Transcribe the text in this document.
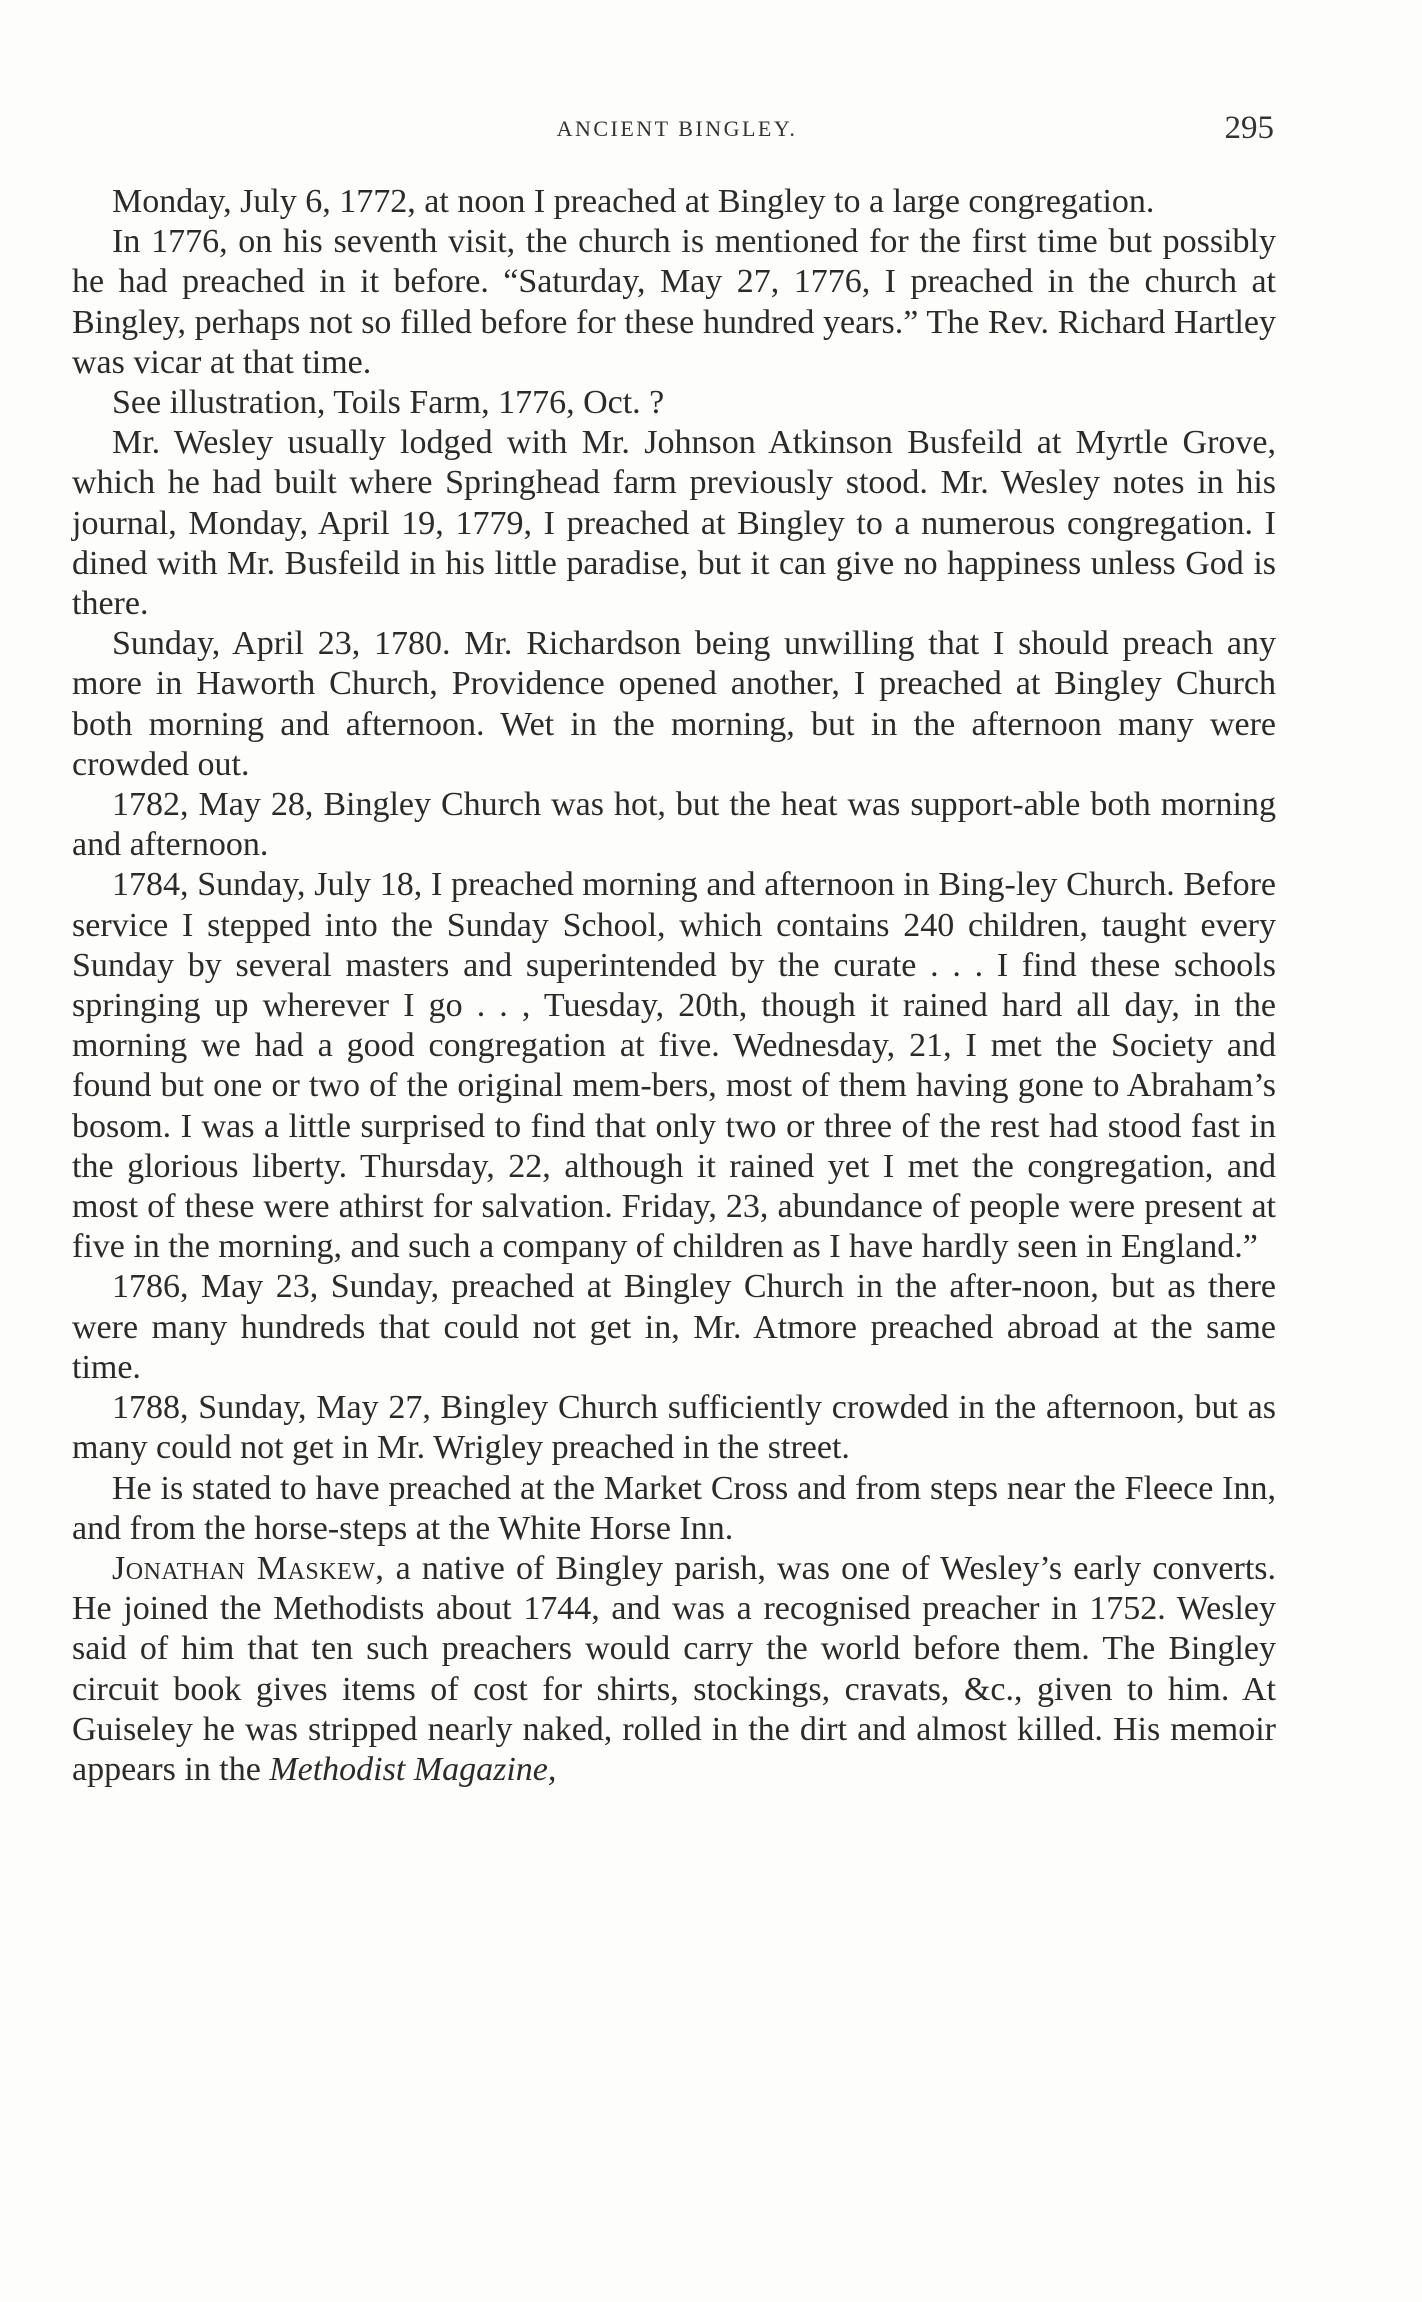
ANCIENT BINGLEY.	295

Monday, July 6, 1772, at noon I preached at Bingley to a large congregation.

In 1776, on his seventh visit, the church is mentioned for the first time but possibly he had preached in it before. “Saturday, May 27, 1776, I preached in the church at Bingley, perhaps not so filled before for these hundred years.” The Rev. Richard Hartley was vicar at that time.

See illustration, Toils Farm, 1776, Oct. ?

Mr. Wesley usually lodged with Mr. Johnson Atkinson Busfeild at Myrtle Grove, which he had built where Springhead farm previously stood. Mr. Wesley notes in his journal, Monday, April 19, 1779, I preached at Bingley to a numerous congregation. I dined with Mr. Busfeild in his little paradise, but it can give no happiness unless God is there.

Sunday, April 23, 1780. Mr. Richardson being unwilling that I should preach any more in Haworth Church, Providence opened another, I preached at Bingley Church both morning and afternoon. Wet in the morning, but in the afternoon many were crowded out.

1782, May 28, Bingley Church was hot, but the heat was support-able both morning and afternoon.

1784, Sunday, July 18, I preached morning and afternoon in Bing-ley Church. Before service I stepped into the Sunday School, which contains 240 children, taught every Sunday by several masters and superintended by the curate . . . I find these schools springing up wherever I go . . , Tuesday, 20th, though it rained hard all day, in the morning we had a good congregation at five. Wednesday, 21, I met the Society and found but one or two of the original mem-bers, most of them having gone to Abraham’s bosom. I was a little surprised to find that only two or three of the rest had stood fast in the glorious liberty. Thursday, 22, although it rained yet I met the congregation, and most of these were athirst for salvation. Friday, 23, abundance of people were present at five in the morning, and such a company of children as I have hardly seen in England.”

1786, May 23, Sunday, preached at Bingley Church in the after-noon, but as there were many hundreds that could not get in, Mr. Atmore preached abroad at the same time.

1788, Sunday, May 27, Bingley Church sufficiently crowded in the afternoon, but as many could not get in Mr. Wrigley preached in the street.

He is stated to have preached at the Market Cross and from steps near the Fleece Inn, and from the horse-steps at the White Horse Inn.

Jonathan Maskew, a native of Bingley parish, was one of Wesley’s early converts. He joined the Methodists about 1744, and was a recognised preacher in 1752. Wesley said of him that ten such preachers would carry the world before them. The Bingley circuit book gives items of cost for shirts, stockings, cravats, &c., given to him. At Guiseley he was stripped nearly naked, rolled in the dirt and almost killed. His memoir appears in the Methodist Magazine,
